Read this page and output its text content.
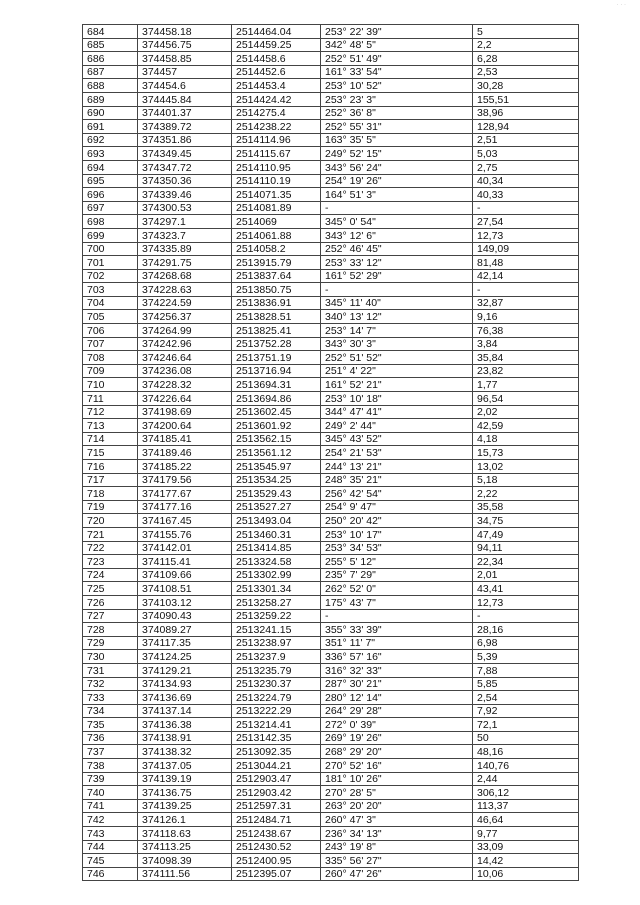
· · ·
684	374458.18	2514464.04	253° 22' 39"	5
685	374456.75	2514459.25	342° 48' 5"	2,2
686	374458.85	2514458.6	252° 51' 49"	6,28
687	374457	2514452.6	161° 33' 54"	2,53
688	374454.6	2514453.4	253° 10' 52"	30,28
689	374445.84	2514424.42	253° 23' 3"	155,51
690	374401.37	2514275.4	252° 36' 8"	38,96
691	374389.72	2514238.22	252° 55' 31"	128,94
692	374351.86	2514114.96	163° 35' 5"	2,51
693	374349.45	2514115.67	249° 52' 15"	5,03
694	374347.72	2514110.95	343° 56' 24"	2,75
695	374350.36	2514110.19	254° 19' 26"	40,34
696	374339.46	2514071.35	164° 51' 3"	40,33
697	374300.53	2514081.89	-	-
698	374297.1	2514069	345° 0' 54"	27,54
699	374323.7	2514061.88	343° 12' 6"	12,73
700	374335.89	2514058.2	252° 46' 45"	149,09
701	374291.75	2513915.79	253° 33' 12"	81,48
702	374268.68	2513837.64	161° 52' 29"	42,14
703	374228.63	2513850.75	-	-
704	374224.59	2513836.91	345° 11' 40"	32,87
705	374256.37	2513828.51	340° 13' 12"	9,16
706	374264.99	2513825.41	253° 14' 7"	76,38
707	374242.96	2513752.28	343° 30' 3"	3,84
708	374246.64	2513751.19	252° 51' 52"	35,84
709	374236.08	2513716.94	251° 4' 22"	23,82
710	374228.32	2513694.31	161° 52' 21"	1,77
711	374226.64	2513694.86	253° 10' 18"	96,54
712	374198.69	2513602.45	344° 47' 41"	2,02
713	374200.64	2513601.92	249° 2' 44"	42,59
714	374185.41	2513562.15	345° 43' 52"	4,18
715	374189.46	2513561.12	254° 21' 53"	15,73
716	374185.22	2513545.97	244° 13' 21"	13,02
717	374179.56	2513534.25	248° 35' 21"	5,18
718	374177.67	2513529.43	256° 42' 54"	2,22
719	374177.16	2513527.27	254° 9' 47"	35,58
720	374167.45	2513493.04	250° 20' 42"	34,75
721	374155.76	2513460.31	253° 10' 17"	47,49
722	374142.01	2513414.85	253° 34' 53"	94,11
723	374115.41	2513324.58	255° 5' 12"	22,34
724	374109.66	2513302.99	235° 7' 29"	2,01
725	374108.51	2513301.34	262° 52' 0"	43,41
726	374103.12	2513258.27	175° 43' 7"	12,73
727	374090.43	2513259.22	-	-
728	374089.27	2513241.15	355° 33' 39"	28,16
729	374117.35	2513238.97	351° 11' 7"	6,98
730	374124.25	2513237.9	336° 57' 16"	5,39
731	374129.21	2513235.79	316° 32' 33"	7,88
732	374134.93	2513230.37	287° 30' 21"	5,85
733	374136.69	2513224.79	280° 12' 14"	2,54
734	374137.14	2513222.29	264° 29' 28"	7,92
735	374136.38	2513214.41	272° 0' 39"	72,1
736	374138.91	2513142.35	269° 19' 26"	50
737	374138.32	2513092.35	268° 29' 20"	48,16
738	374137.05	2513044.21	270° 52' 16"	140,76
739	374139.19	2512903.47	181° 10' 26"	2,44
740	374136.75	2512903.42	270° 28' 5"	306,12
741	374139.25	2512597.31	263° 20' 20"	113,37
742	374126.1	2512484.71	260° 47' 3"	46,64
743	374118.63	2512438.67	236° 34' 13"	9,77
744	374113.25	2512430.52	243° 19' 8"	33,09
745	374098.39	2512400.95	335° 56' 27"	14,42
746	374111.56	2512395.07	260° 47' 26"	10,06
